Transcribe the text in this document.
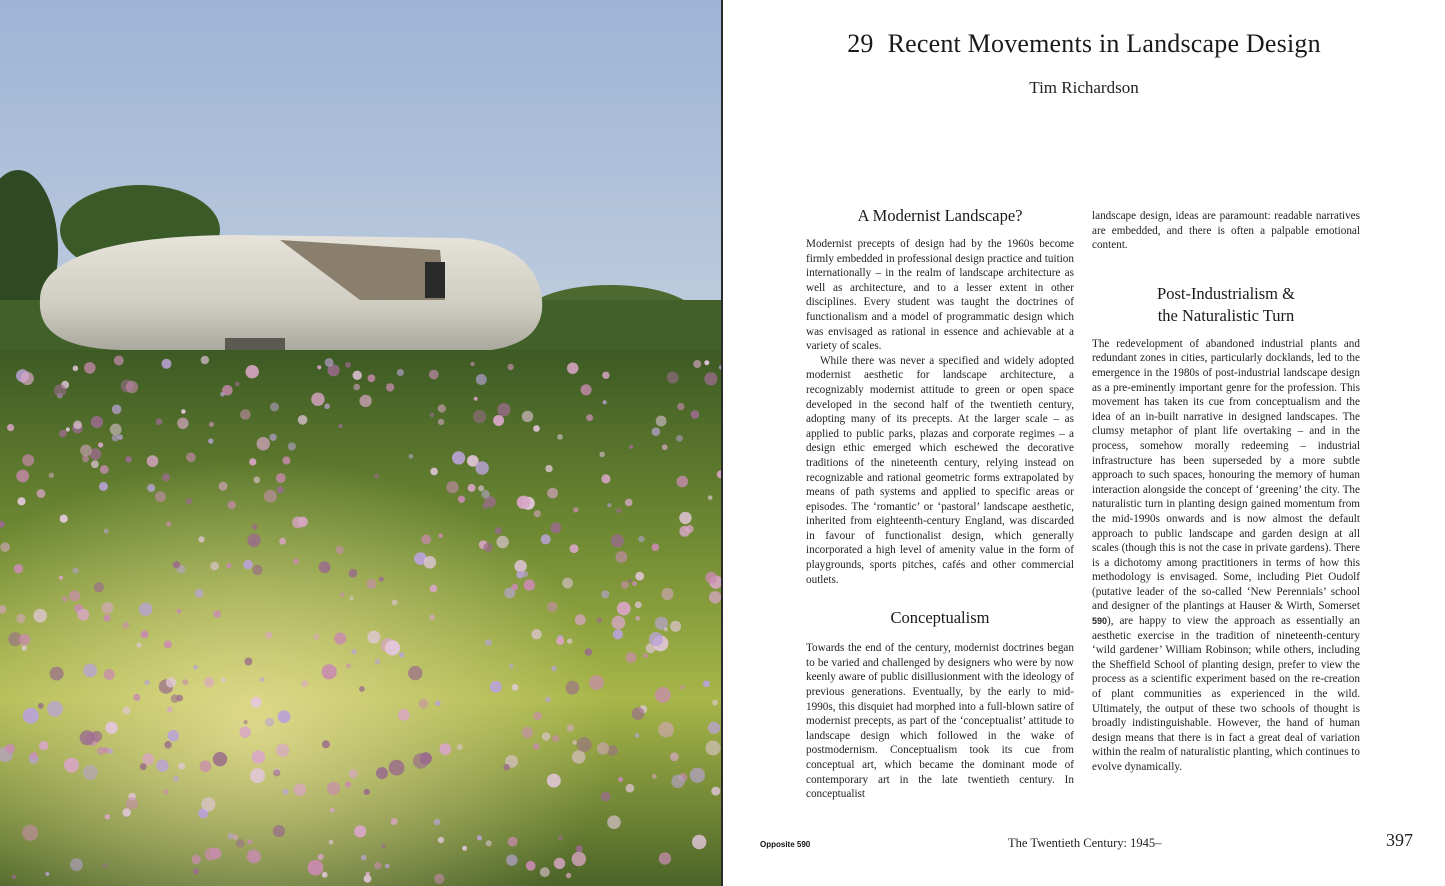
29 Recent Movements in Landscape Design
Tim Richardson
A Modernist Landscape?

Modernist precepts of design had by the 1960s become firmly embedded in professional design practice and tuition internationally – in the realm of landscape architecture as well as architecture, and to a lesser extent in other disciplines. Every student was taught the doctrines of functionalism and a model of programmatic design which was envisaged as rational in essence and achievable at a variety of scales.

While there was never a specified and widely adopted modernist aesthetic for landscape architecture, a recognizably modernist attitude to green or open space developed in the second half of the twentieth century, adopting many of its precepts. At the larger scale – as applied to public parks, plazas and corporate regimes – a design ethic emerged which eschewed the decorative traditions of the nineteenth century, relying instead on recognizable and rational geometric forms extrapolated by means of path systems and applied to specific areas or episodes. The ‘romantic’ or ‘pastoral’ landscape aesthetic, inherited from eighteenth-century England, was discarded in favour of functionalist design, which generally incorporated a high level of amenity value in the form of playgrounds, sports pitches, cafés and other commercial outlets.

Conceptualism

Towards the end of the century, modernist doctrines began to be varied and challenged by designers who were by now keenly aware of public disillusionment with the ideology of previous generations. Eventually, by the early to mid-1990s, this disquiet had morphed into a full-blown satire of modernist precepts, as part of the ‘conceptualist’ attitude to landscape design which followed in the wake of postmodernism. Conceptualism took its cue from conceptual art, which became the dominant mode of contemporary art in the late twentieth century. In conceptualist

landscape design, ideas are paramount: readable narratives are embedded, and there is often a palpable emotional content.

Post-Industrialism &
the Naturalistic Turn

The redevelopment of abandoned industrial plants and redundant zones in cities, particularly docklands, led to the emergence in the 1980s of post-industrial landscape design as a pre-eminently important genre for the profession. This movement has taken its cue from conceptualism and the idea of an in-built narrative in designed landscapes. The clumsy metaphor of plant life overtaking – and in the process, somehow morally redeeming – industrial infrastructure has been superseded by a more subtle approach to such spaces, honouring the memory of human interaction alongside the concept of ‘greening’ the city. The naturalistic turn in planting design gained momentum from the mid-1990s onwards and is now almost the default approach to public landscape and garden design at all scales (though this is not the case in private gardens). There is a dichotomy among practitioners in terms of how this methodology is envisaged. Some, including Piet Oudolf (putative leader of the so-called ‘New Perennials’ school and designer of the plantings at Hauser & Wirth, Somerset 590), are happy to view the approach as essentially an aesthetic exercise in the tradition of nineteenth-century ‘wild gardener’ William Robinson; while others, including the Sheffield School of planting design, prefer to view the process as a scientific experiment based on the re-creation of plant communities as experienced in the wild. Ultimately, the output of these two schools of thought is broadly indistinguishable. However, the hand of human design means that there is in fact a great deal of variation within the realm of naturalistic planting, which continues to evolve dynamically.

Opposite 590	The Twentieth Century: 1945–	397
